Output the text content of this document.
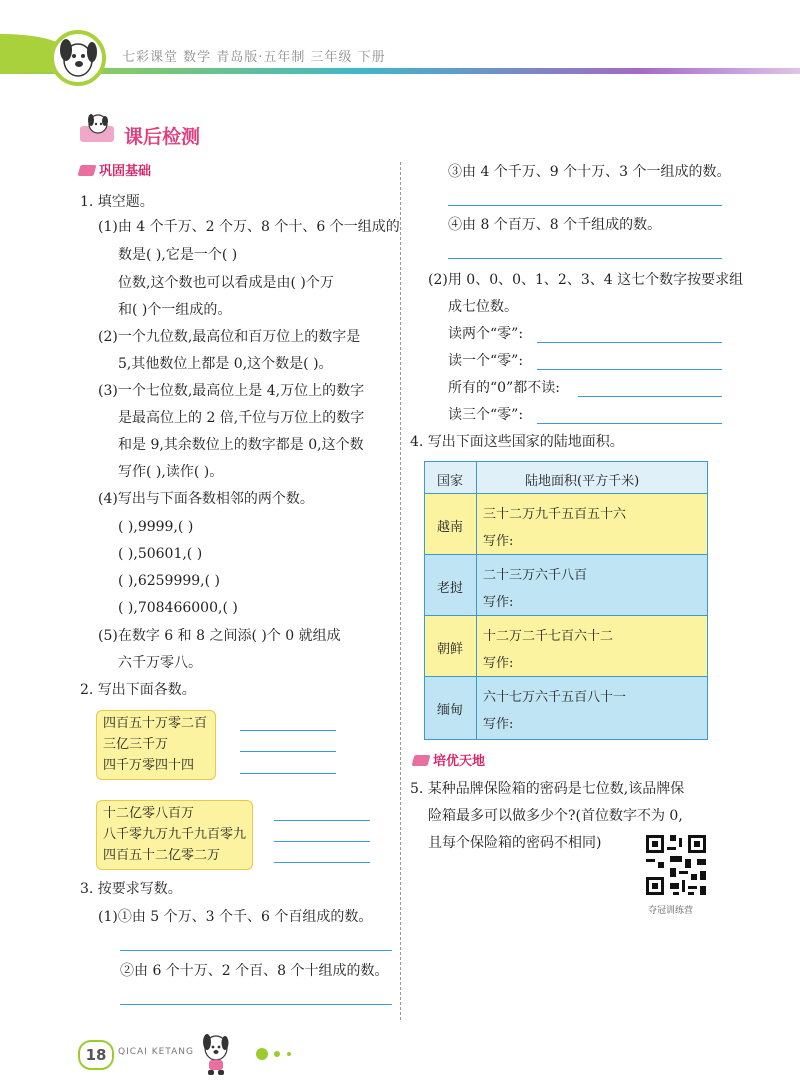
七彩课堂 数学 青岛版·五年制 三年级 下册
课后检测
巩固基础
1. 填空题。
(1)由 4 个千万、2 个万、8 个十、6 个一组成的
数是( ),它是一个( )
位数,这个数也可以看成是由( )个万
和( )个一组成的。
(2)一个九位数,最高位和百万位上的数字是
5,其他数位上都是 0,这个数是( )。
(3)一个七位数,最高位上是 4,万位上的数字
是最高位上的 2 倍,千位与万位上的数字
和是 9,其余数位上的数字都是 0,这个数
写作( ),读作( )。
(4)写出与下面各数相邻的两个数。
( ),9999,( )
( ),50601,( )
( ),6259999,( )
( ),708466000,( )
(5)在数字 6 和 8 之间添( )个 0 就组成
六千万零八。
2. 写出下面各数。
四百五十万零二百
三亿三千万
四千万零四十四
十二亿零八百万
八千零九万九千九百零九
四百五十二亿零二万
3. 按要求写数。
(1)①由 5 个万、3 个千、6 个百组成的数。
②由 6 个十万、2 个百、8 个十组成的数。
③由 4 个千万、9 个十万、3 个一组成的数。
④由 8 个百万、8 个千组成的数。
(2)用 0、0、0、1、2、3、4 这七个数字按要求组
成七位数。
读两个“零”:
读一个“零”:
所有的“0”都不读:
读三个“零”:
4. 写出下面这些国家的陆地面积。
国家	陆地面积(平方千米)
越南
三十二万九千五百五十六
写作:
老挝
二十三万六千八百
写作:
朝鲜
十二万二千七百六十二
写作:
缅甸
六十七万六千五百八十一
写作:
培优天地
5. 某种品牌保险箱的密码是七位数,该品牌保
险箱最多可以做多少个?(首位数字不为 0,
且每个保险箱的密码不相同)
夺冠训练营
18	QICAI KETANG
